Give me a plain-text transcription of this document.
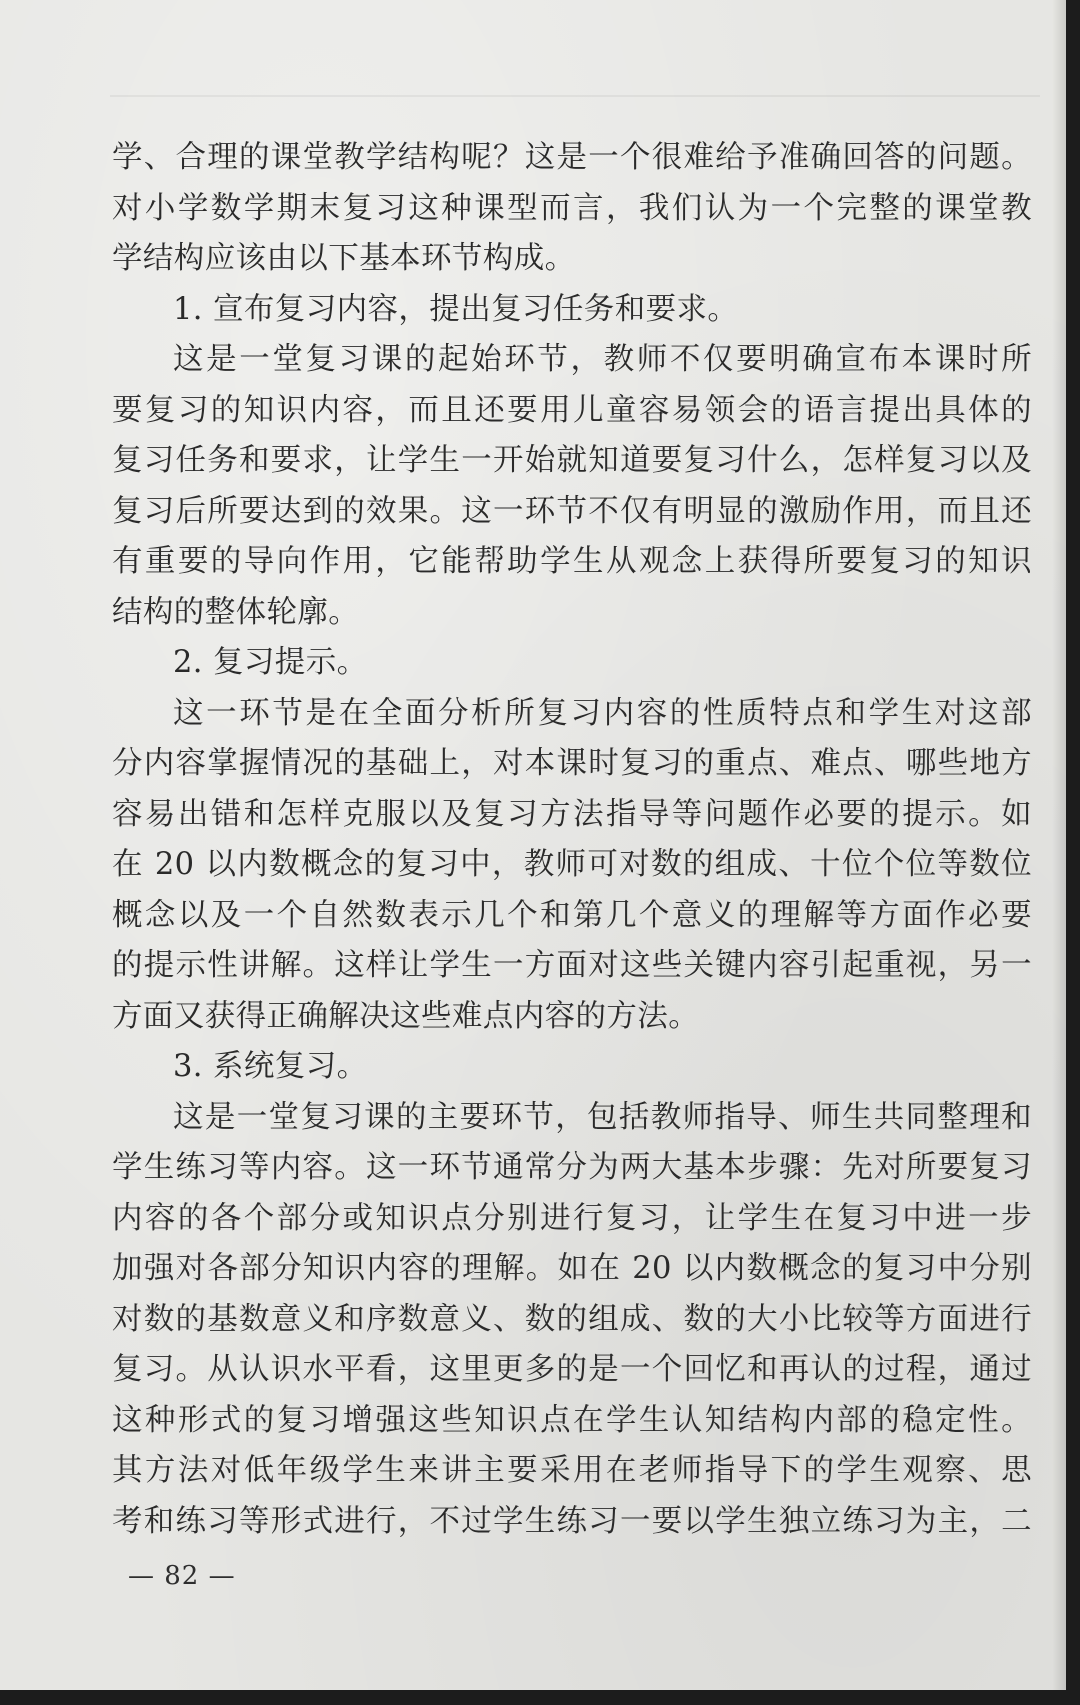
学、合理的课堂教学结构呢？这是一个很难给予准确回答的问题。
对小学数学期末复习这种课型而言，我们认为一个完整的课堂教
学结构应该由以下基本环节构成。
1. 宣布复习内容，提出复习任务和要求。
这是一堂复习课的起始环节，教师不仅要明确宣布本课时所
要复习的知识内容，而且还要用儿童容易领会的语言提出具体的
复习任务和要求，让学生一开始就知道要复习什么，怎样复习以及
复习后所要达到的效果。这一环节不仅有明显的激励作用，而且还
有重要的导向作用，它能帮助学生从观念上获得所要复习的知识
结构的整体轮廓。
2. 复习提示。
这一环节是在全面分析所复习内容的性质特点和学生对这部
分内容掌握情况的基础上，对本课时复习的重点、难点、哪些地方
容易出错和怎样克服以及复习方法指导等问题作必要的提示。如
在 20 以内数概念的复习中，教师可对数的组成、十位个位等数位
概念以及一个自然数表示几个和第几个意义的理解等方面作必要
的提示性讲解。这样让学生一方面对这些关键内容引起重视，另一
方面又获得正确解决这些难点内容的方法。
3. 系统复习。
这是一堂复习课的主要环节，包括教师指导、师生共同整理和
学生练习等内容。这一环节通常分为两大基本步骤：先对所要复习
内容的各个部分或知识点分别进行复习，让学生在复习中进一步
加强对各部分知识内容的理解。如在 20 以内数概念的复习中分别
对数的基数意义和序数意义、数的组成、数的大小比较等方面进行
复习。从认识水平看，这里更多的是一个回忆和再认的过程，通过
这种形式的复习增强这些知识点在学生认知结构内部的稳定性。
其方法对低年级学生来讲主要采用在老师指导下的学生观察、思
考和练习等形式进行，不过学生练习一要以学生独立练习为主，二
— 82 —
